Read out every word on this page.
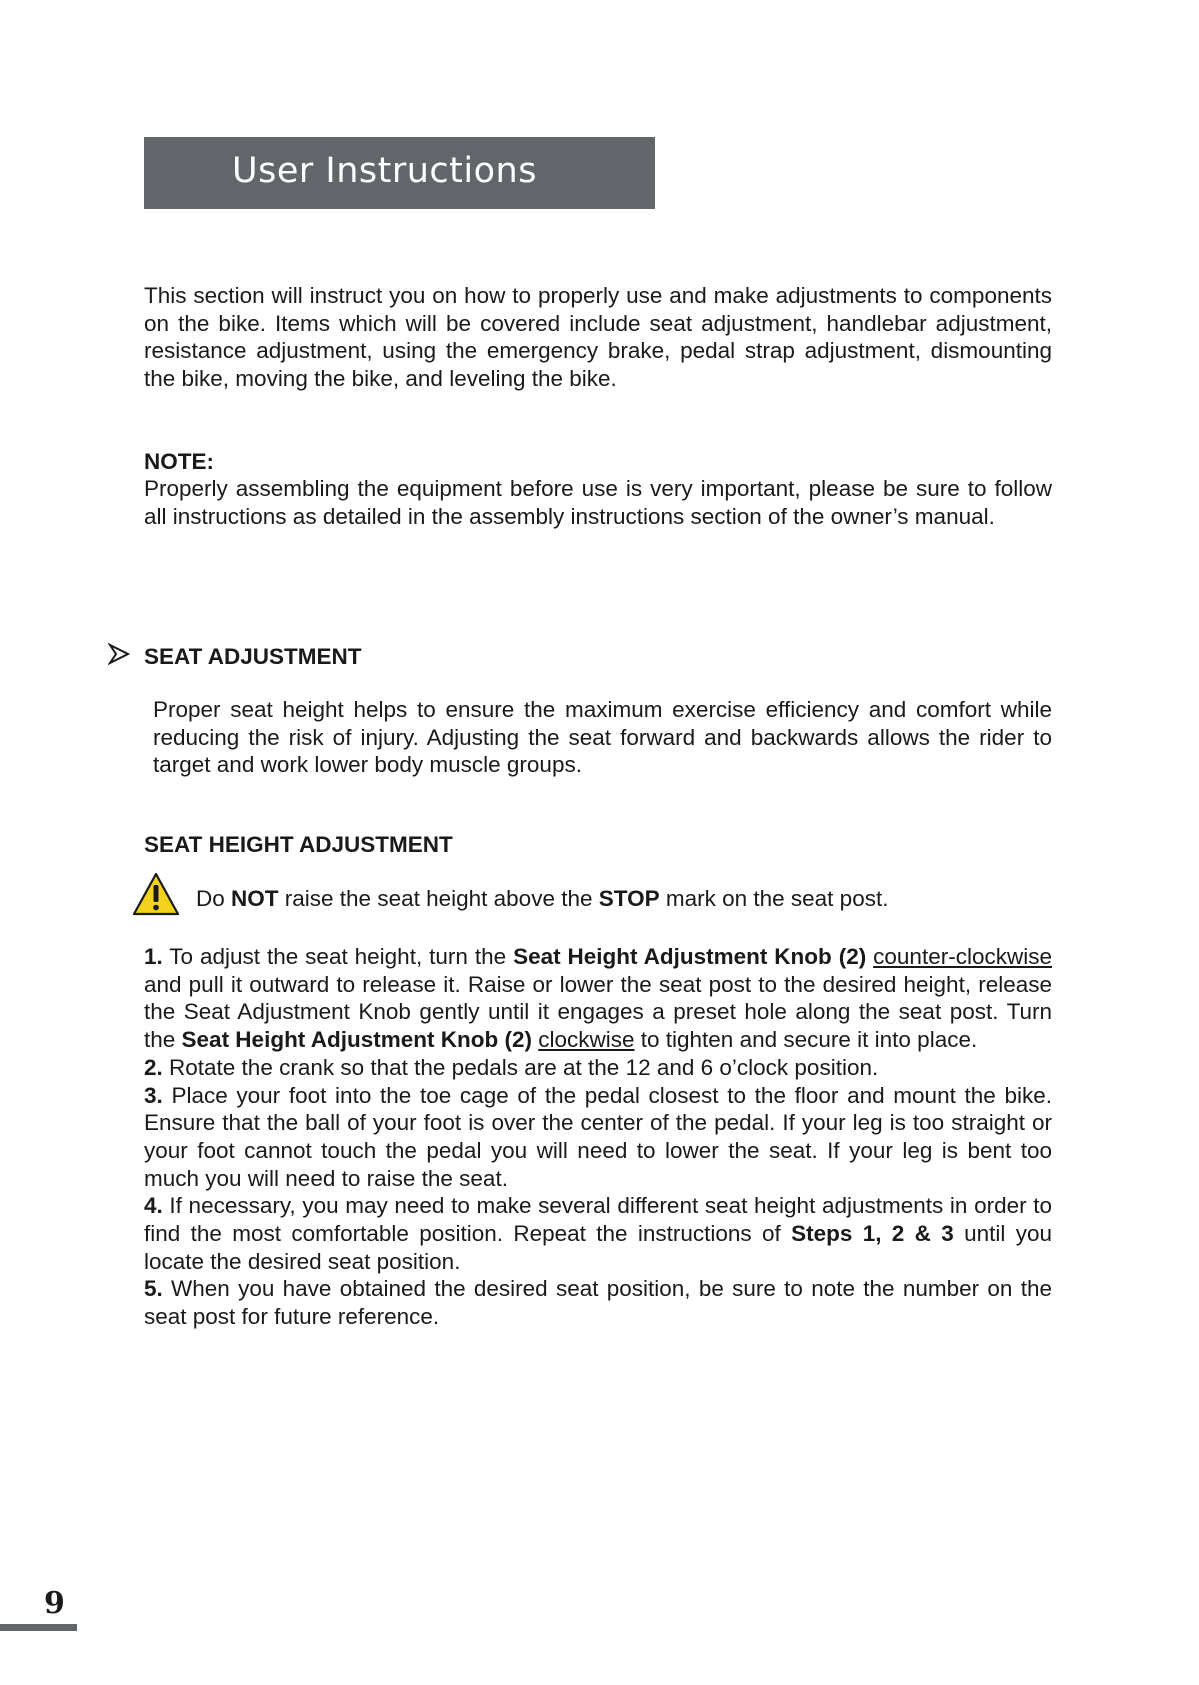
User Instructions
This section will instruct you on how to properly use and make adjustments to components on the bike. Items which will be covered include seat adjustment, handlebar adjustment, resistance adjustment, using the emergency brake, pedal strap adjustment, dismounting the bike, moving the bike, and leveling the bike.
NOTE:
Properly assembling the equipment before use is very important, please be sure to follow all instructions as detailed in the assembly instructions section of the owner’s manual.
SEAT ADJUSTMENT
Proper seat height helps to ensure the maximum exercise efficiency and comfort while reducing the risk of injury. Adjusting the seat forward and backwards allows the rider to target and work lower body muscle groups.
SEAT HEIGHT ADJUSTMENT
Do NOT raise the seat height above the STOP mark on the seat post.

1. To adjust the seat height, turn the Seat Height Adjustment Knob (2) counter-clockwise and pull it outward to release it. Raise or lower the seat post to the desired height, release the Seat Adjustment Knob gently until it engages a preset hole along the seat post. Turn the Seat Height Adjustment Knob (2) clockwise to tighten and secure it into place.

2. Rotate the crank so that the pedals are at the 12 and 6 o’clock position.

3. Place your foot into the toe cage of the pedal closest to the floor and mount the bike. Ensure that the ball of your foot is over the center of the pedal. If your leg is too straight or your foot cannot touch the pedal you will need to lower the seat. If your leg is bent too much you will need to raise the seat.

4. If necessary, you may need to make several different seat height adjustments in order to find the most comfortable position. Repeat the instructions of Steps 1, 2 & 3 until you locate the desired seat position.

5. When you have obtained the desired seat position, be sure to note the number on the seat post for future reference.

9
